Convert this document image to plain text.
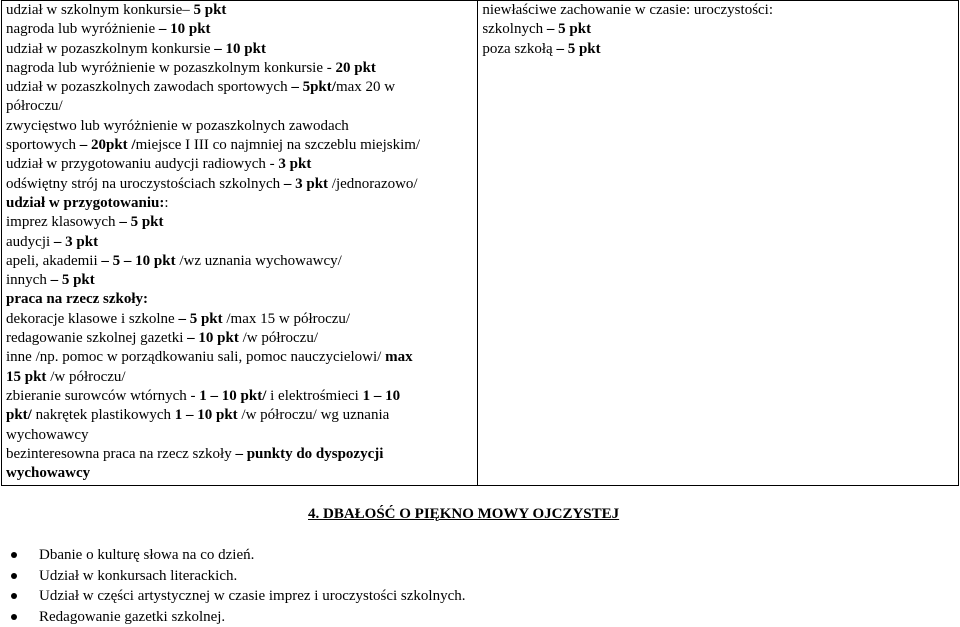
udział w szkolnym konkursie– 5 pkt
nagroda lub wyróżnienie – 10 pkt
udział w pozaszkolnym konkursie – 10 pkt
nagroda lub wyróżnienie w pozaszkolnym konkursie - 20 pkt
udział w pozaszkolnych zawodach sportowych – 5pkt/max 20 w
półroczu/
zwycięstwo lub wyróżnienie w pozaszkolnych zawodach
sportowych – 20pkt /miejsce I III co najmniej na szczeblu miejskim/
udział w przygotowaniu audycji radiowych - 3 pkt
odświętny strój na uroczystościach szkolnych – 3 pkt /jednorazowo/
udział w przygotowaniu::
imprez klasowych – 5 pkt
audycji – 3 pkt
apeli, akademii – 5 – 10 pkt /wz uznania wychowawcy/
innych – 5 pkt
praca na rzecz szkoły:
dekoracje klasowe i szkolne – 5 pkt /max 15 w półroczu/
redagowanie szkolnej gazetki – 10 pkt /w półroczu/
inne /np. pomoc w porządkowaniu sali, pomoc nauczycielowi/ max
15 pkt /w półroczu/
zbieranie surowców wtórnych - 1 – 10 pkt/ i elektrośmieci 1 – 10
pkt/ nakrętek plastikowych 1 – 10 pkt /w półroczu/ wg uznania
wychowawcy
bezinteresowna praca na rzecz szkoły – punkty do dyspozycji
wychowawcy

niewłaściwe zachowanie w czasie: uroczystości:
szkolnych – 5 pkt
poza szkołą – 5 pkt
4. DBAŁOŚĆ O PIĘKNO MOWY OJCZYSTEJ
Dbanie o kulturę słowa na co dzień.
Udział w konkursach literackich.
Udział w części artystycznej w czasie imprez i uroczystości szkolnych.
Redagowanie gazetki szkolnej.
